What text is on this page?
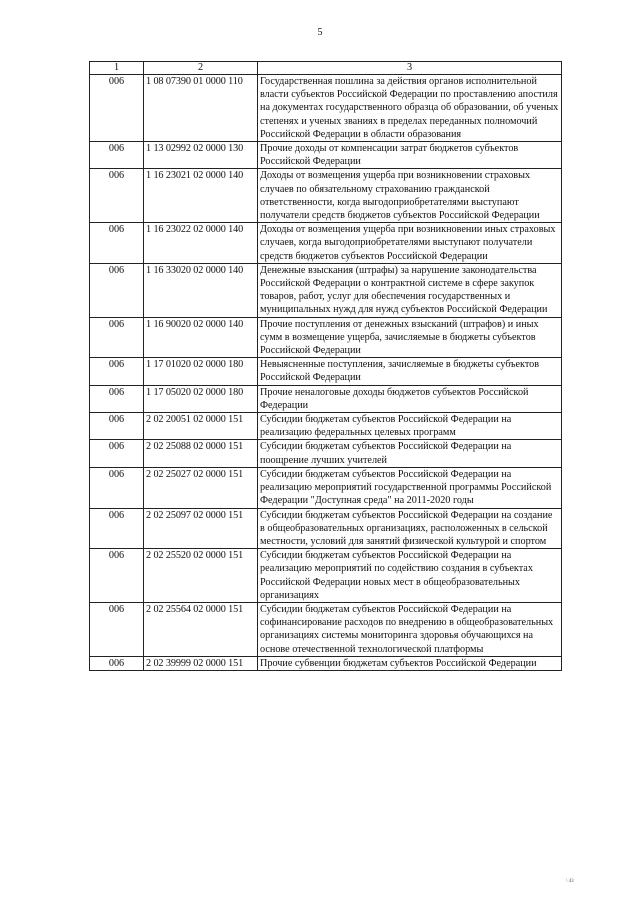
5
1	2	3
006	1 08 07390 01 0000 110	Государственная пошлина за действия органов исполнительной власти субъектов Российской Федерации по проставлению апостиля на документах государственного образца об образовании, об ученых степенях и ученых званиях в пределах переданных полномочий Российской Федерации в области образования
006	1 13 02992 02 0000 130	Прочие доходы от компенсации затрат бюджетов субъектов Российской Федерации
006	1 16 23021 02 0000 140	Доходы от возмещения ущерба при возникновении страховых случаев по обязательному страхованию гражданской ответственности, когда выгодоприобретателями выступают получатели средств бюджетов субъектов Российской Федерации
006	1 16 23022 02 0000 140	Доходы от возмещения ущерба при возникновении иных страховых случаев, когда выгодоприобретателями выступают получатели средств бюджетов субъектов Российской Федерации
006	1 16 33020 02 0000 140	Денежные взыскания (штрафы) за нарушение законодательства Российской Федерации о контрактной системе в сфере закупок товаров, работ, услуг для обеспечения государственных и муниципальных нужд для нужд субъектов Российской Федерации
006	1 16 90020 02 0000 140	Прочие поступления от денежных взысканий (штрафов) и иных сумм в возмещение ущерба, зачисляемые в бюджеты субъектов Российской Федерации
006	1 17 01020 02 0000 180	Невыясненные поступления, зачисляемые в бюджеты субъектов Российской Федерации
006	1 17 05020 02 0000 180	Прочие неналоговые доходы бюджетов субъектов Российской Федерации
006	2 02 20051 02 0000 151	Субсидии бюджетам субъектов Российской Федерации на реализацию федеральных целевых программ
006	2 02 25088 02 0000 151	Субсидии бюджетам субъектов Российской Федерации на поощрение лучших учителей
006	2 02 25027 02 0000 151	Субсидии бюджетам субъектов Российской Федерации на реализацию мероприятий государственной программы Российской Федерации "Доступная среда" на 2011-2020 годы
006	2 02 25097 02 0000 151	Субсидии бюджетам субъектов Российской Федерации на создание в общеобразовательных организациях, расположенных в сельской местности, условий для занятий физической культурой и спортом
006	2 02 25520 02 0000 151	Субсидии бюджетам субъектов Российской Федерации на реализацию мероприятий по содействию создания в субъектах Российской Федерации новых мест в общеобразовательных организациях
006	2 02 25564 02 0000 151	Субсидии бюджетам субъектов Российской Федерации на софинансирование расходов по внедрению в общеобразовательных организациях системы мониторинга здоровья обучающихся на основе отечественной технологической платформы
006	2 02 39999 02 0000 151	Прочие субвенции бюджетам субъектов Российской Федерации
\ 43
